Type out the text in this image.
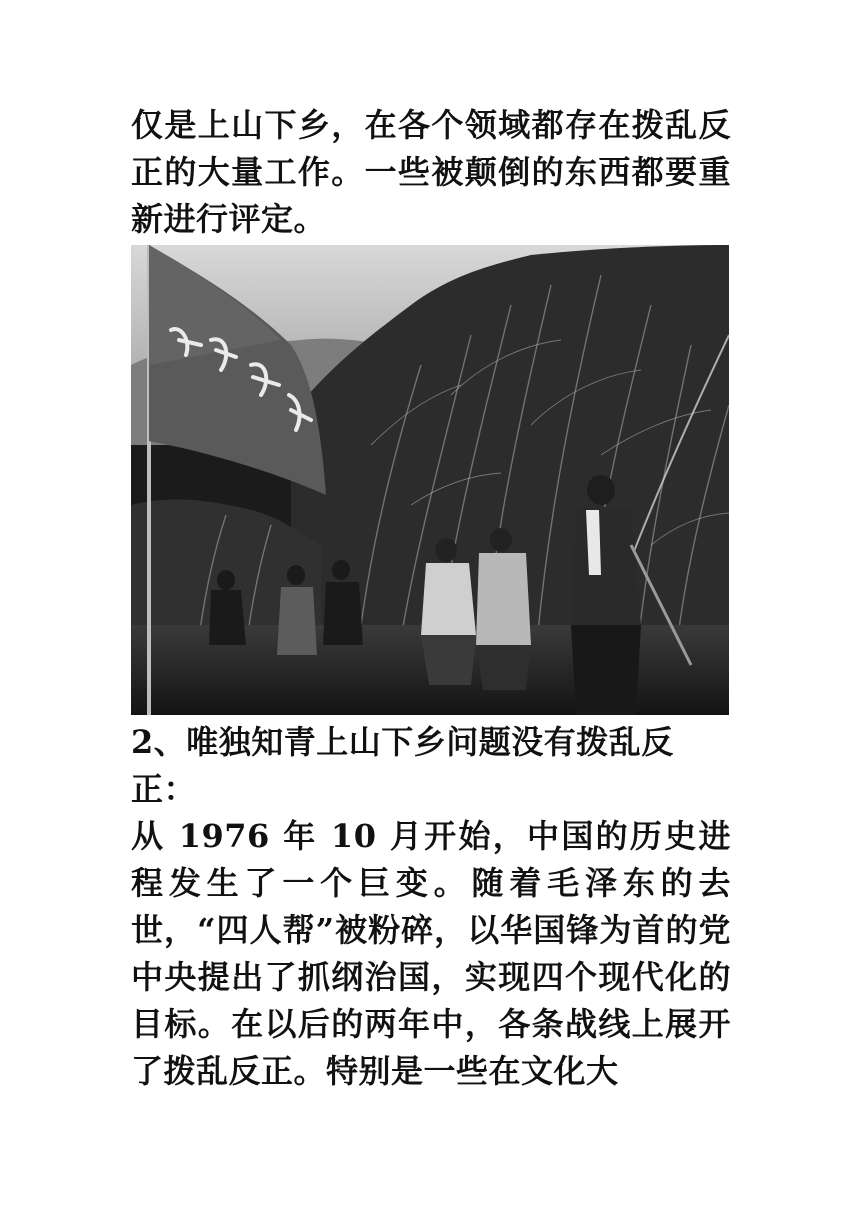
仅是上山下乡，在各个领域都存在拨乱反正的大量工作。一些被颠倒的东西都要重新进行评定。

2、唯独知青上山下乡问题没有拨乱反正：

从 1976 年 10 月开始，中国的历史进程发生了一个巨变。随着毛泽东的去世，“四人帮”被粉碎，以华国锋为首的党中央提出了抓纲治国，实现四个现代化的目标。在以后的两年中，各条战线上展开了拨乱反正。特别是一些在文化大
